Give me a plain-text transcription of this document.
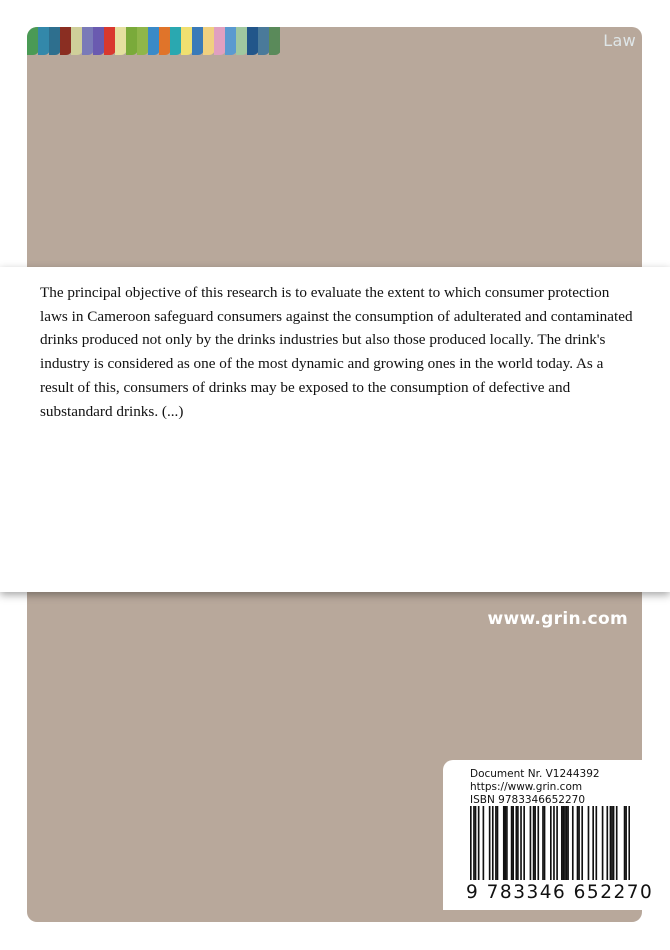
Law

The principal objective of this research is to evaluate the extent to which consumer protection laws in Cameroon safeguard consumers against the consumption of adulterated and contaminated drinks produced not only by the drinks industries but also those produced locally. The drink's industry is considered as one of the most dynamic and growing ones in the world today. As a result of this, consumers of drinks may be exposed to the consumption of defective and substandard drinks. (...)

www.grin.com
Document Nr. V1244392
https://www.grin.com
ISBN 9783346652270
9 783346 652270
